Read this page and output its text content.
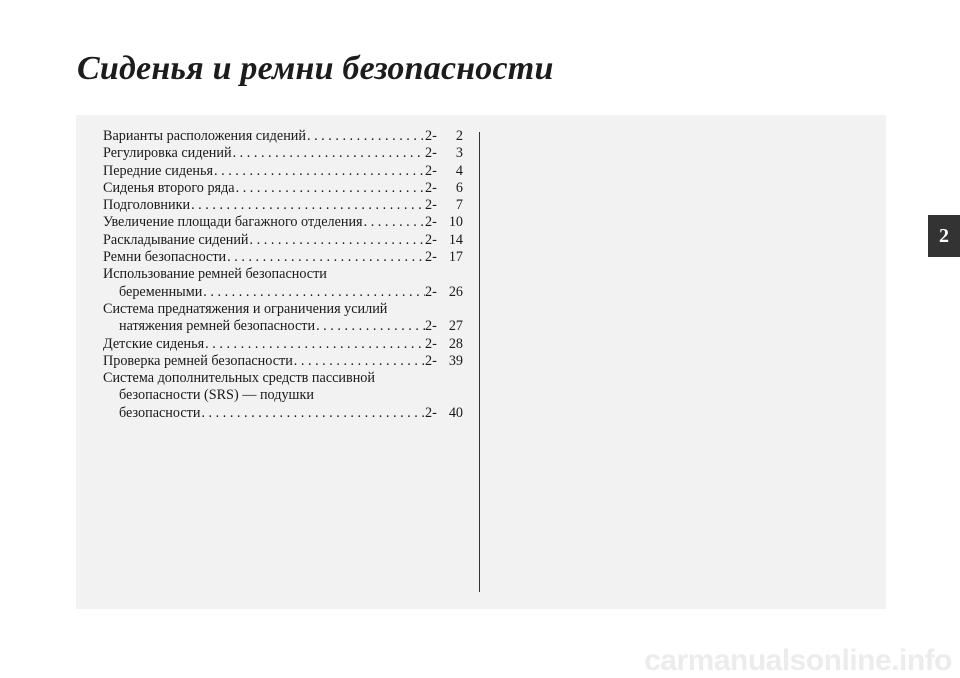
Сиденья и ремни безопасности
Варианты расположения сидений . . .	2-	2
Регулировка сидений . . .	2-	3
Передние сиденья . . .	2-	4
Сиденья второго ряда . . .	2-	6
Подголовники . . .	2-	7
Увеличение площади багажного отделения . . .	2- 10
Раскладывание сидений . . .	2- 14
Ремни безопасности . . .	2- 17
Использование ремней безопасности
беременными . . .	2- 26
Система преднатяжения и ограничения усилий
натяжения ремней безопасности . . .	2- 27
Детские сиденья . . .	2- 28
Проверка ремней безопасности . . .	2- 39
Система дополнительных средств пассивной
безопасности (SRS) — подушки
безопасности . . .	2- 40
2
carmanualsonline.info
